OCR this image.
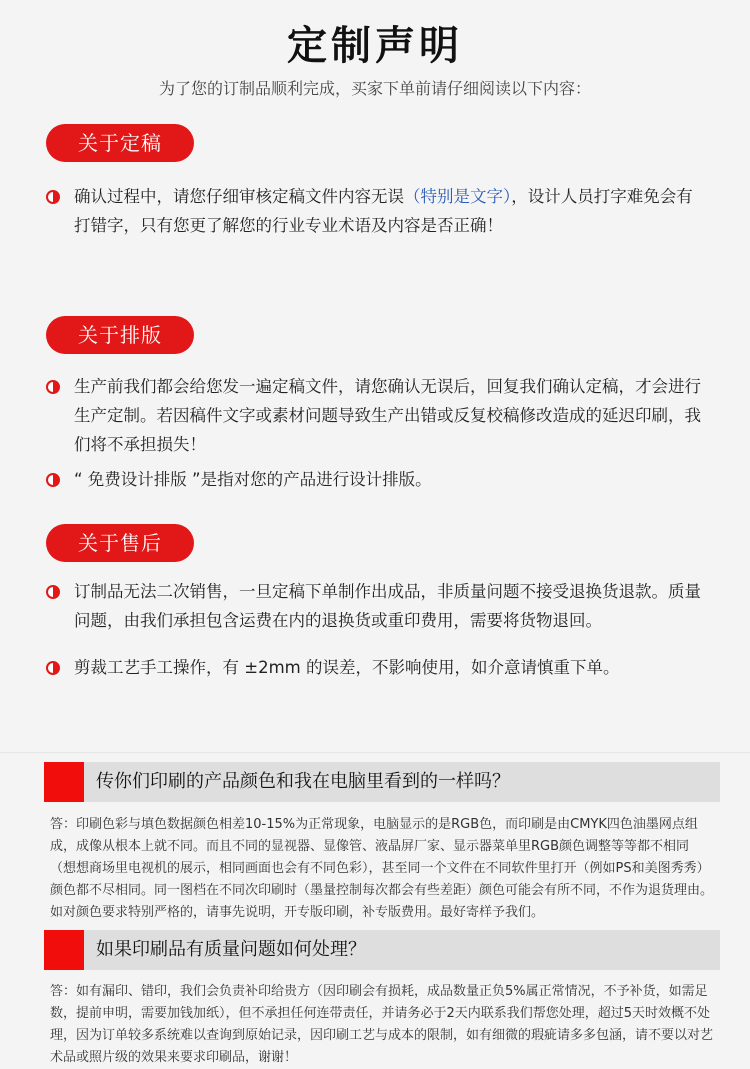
定制声明
为了您的订制品顺利完成，买家下单前请仔细阅读以下内容：
关于定稿
确认过程中，请您仔细审核定稿文件内容无误（特别是文字），设计人员打字难免会有打错字，只有您更了解您的行业专业术语及内容是否正确！
关于排版
生产前我们都会给您发一遍定稿文件，请您确认无误后，回复我们确认定稿，才会进行生产定制。若因稿件文字或素材问题导致生产出错或反复校稿修改造成的延迟印刷，我们将不承担损失！
“ 免费设计排版 ”是指对您的产品进行设计排版。
关于售后
订制品无法二次销售，一旦定稿下单制作出成品，非质量问题不接受退换货退款。质量问题，由我们承担包含运费在内的退换货或重印费用，需要将货物退回。
剪裁工艺手工操作，有 ±2mm 的误差，不影响使用，如介意请慎重下单。
传你们印刷的产品颜色和我在电脑里看到的一样吗？
答：印刷色彩与填色数据颜色相差10-15%为正常现象，电脑显示的是RGB色，而印刷是由CMYK四色油墨网点组成，成像从根本上就不同。而且不同的显视器、显像管、液晶屏厂家、显示器菜单里RGB颜色调整等等都不相同（想想商场里电视机的展示，相同画面也会有不同色彩），甚至同一个文件在不同软件里打开（例如PS和美图秀秀）颜色都不尽相同。同一图档在不同次印刷时（墨量控制每次都会有些差距）颜色可能会有所不同，不作为退货理由。如对颜色要求特别严格的，请事先说明，开专版印刷，补专版费用。最好寄样予我们。
如果印刷品有质量问题如何处理？
答：如有漏印、错印，我们会负责补印给贵方（因印刷会有损耗，成品数量正负5%属正常情况，不予补货，如需足数，提前申明，需要加钱加纸），但不承担任何连带责任，并请务必于2天内联系我们帮您处理，超过5天时效概不处理，因为订单较多系统难以查询到原始记录，因印刷工艺与成本的限制，如有细微的瑕疵请多多包涵，请不要以对艺术品或照片级的效果来要求印刷品，谢谢！
